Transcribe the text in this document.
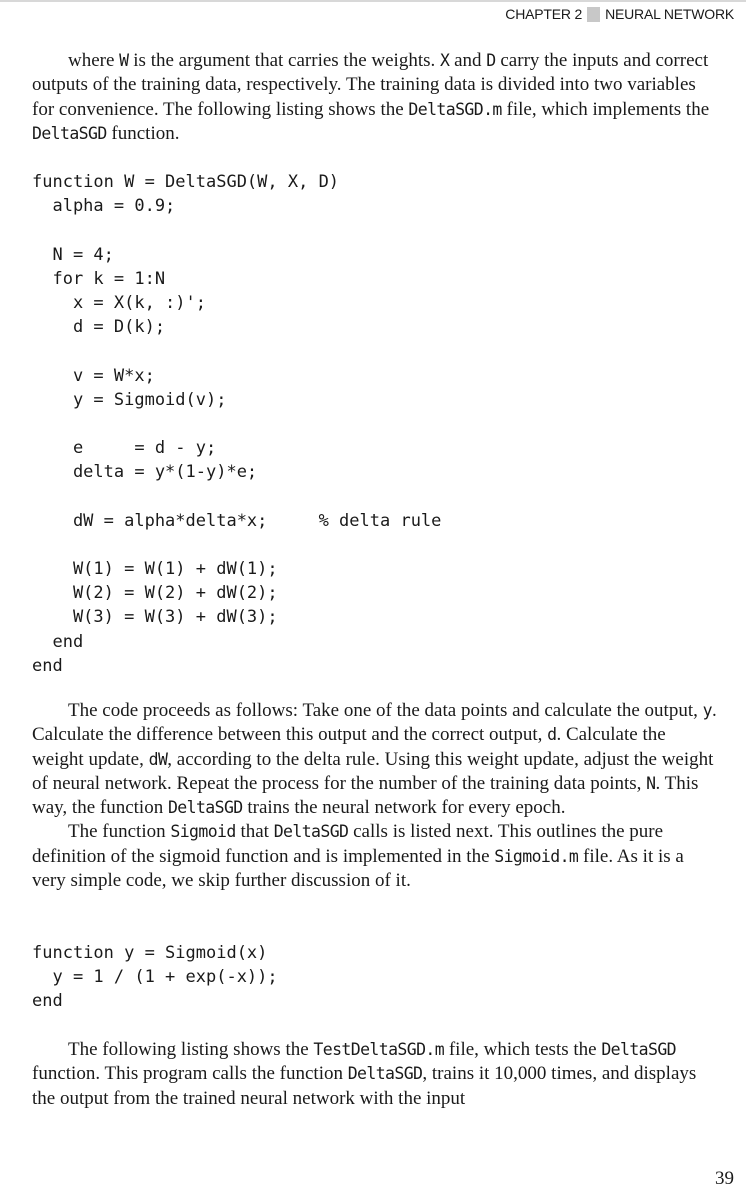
CHAPTER 2 NEURAL NETWORK

where W is the argument that carries the weights. X and D carry the inputs and correct outputs of the training data, respectively. The training data is divided into two variables for convenience. The following listing shows the DeltaSGD.m file, which implements the DeltaSGD function.

function W = DeltaSGD(W, X, D)
alpha = 0.9;
N = 4;
for k = 1:N
x = X(k, :)';
d = D(k);
v = W*x;
y = Sigmoid(v);
e     = d - y;
delta = y*(1-y)*e;
dW = alpha*delta*x;     % delta rule
W(1) = W(1) + dW(1);
W(2) = W(2) + dW(2);
W(3) = W(3) + dW(3);
end
end

The code proceeds as follows: Take one of the data points and calculate the output, y. Calculate the difference between this output and the correct output, d. Calculate the weight update, dW, according to the delta rule. Using this weight update, adjust the weight of neural network. Repeat the process for the number of the training data points, N. This way, the function DeltaSGD trains the neural network for every epoch.

The function Sigmoid that DeltaSGD calls is listed next. This outlines the pure definition of the sigmoid function and is implemented in the Sigmoid.m file. As it is a very simple code, we skip further discussion of it.

function y = Sigmoid(x)
y = 1 / (1 + exp(-x));
end

The following listing shows the TestDeltaSGD.m file, which tests the DeltaSGD function. This program calls the function DeltaSGD, trains it 10,000 times, and displays the output from the trained neural network with the input

39
